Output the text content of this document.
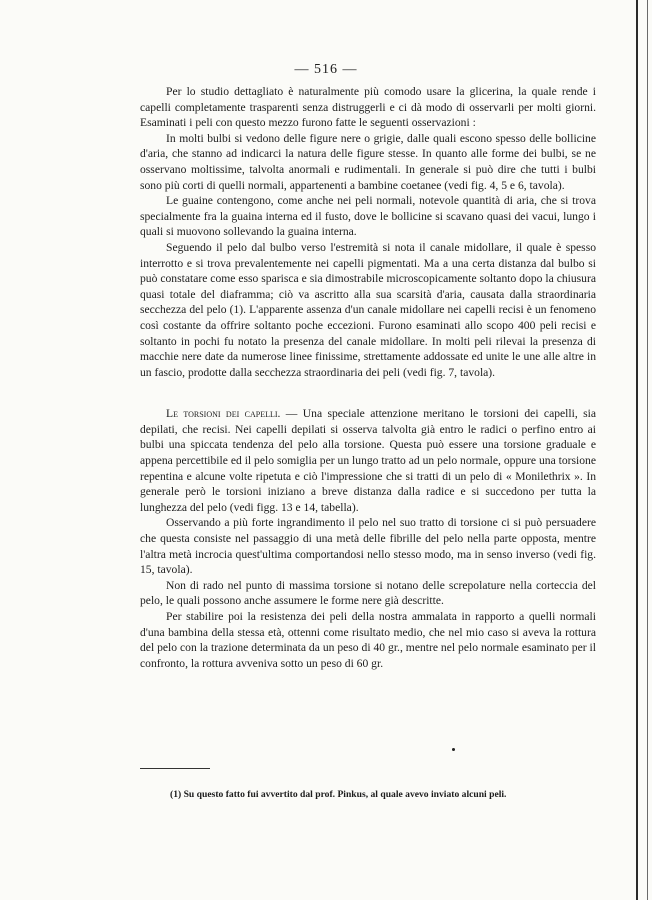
— 516 —

Per lo studio dettagliato è naturalmente più comodo usare la glicerina, la quale rende i capelli completamente trasparenti senza distruggerli e ci dà modo di osservarli per molti giorni. Esaminati i peli con questo mezzo furono fatte le seguenti osservazioni :

In molti bulbi si vedono delle figure nere o grigie, dalle quali escono spesso delle bollicine d'aria, che stanno ad indicarci la natura delle figure stesse. In quanto alle forme dei bulbi, se ne osservano moltissime, talvolta anormali e rudimentali. In generale si può dire che tutti i bulbi sono più corti di quelli normali, appartenenti a bambine coetanee (vedi fig. 4, 5 e 6, tavola).

Le guaine contengono, come anche nei peli normali, notevole quantità di aria, che si trova specialmente fra la guaina interna ed il fusto, dove le bollicine si scavano quasi dei vacui, lungo i quali si muovono sollevando la guaina interna.

Seguendo il pelo dal bulbo verso l'estremità si nota il canale midollare, il quale è spesso interrotto e si trova prevalentemente nei capelli pigmentati. Ma a una certa distanza dal bulbo si può constatare come esso sparisca e sia dimostrabile microscopicamente soltanto dopo la chiusura quasi totale del diaframma; ciò va ascritto alla sua scarsità d'aria, causata dalla straordinaria secchezza del pelo (1). L'apparente assenza d'un canale midollare nei capelli recisi è un fenomeno così costante da offrire soltanto poche eccezioni. Furono esaminati allo scopo 400 peli recisi e soltanto in pochi fu notato la presenza del canale midollare. In molti peli rilevai la presenza di macchie nere date da numerose linee finissime, strettamente addossate ed unite le une alle altre in un fascio, prodotte dalla secchezza straordinaria dei peli (vedi fig. 7, tavola).

Le torsioni dei capelli. — Una speciale attenzione meritano le torsioni dei capelli, sia depilati, che recisi. Nei capelli depilati si osserva talvolta già entro le radici o perfino entro ai bulbi una spiccata tendenza del pelo alla torsione. Questa può essere una torsione graduale e appena percettibile ed il pelo somiglia per un lungo tratto ad un pelo normale, oppure una torsione repentina e alcune volte ripetuta e ciò l'impressione che si tratti di un pelo di « Monilethrix ». In generale però le torsioni iniziano a breve distanza dalla radice e si succedono per tutta la lunghezza del pelo (vedi figg. 13 e 14, tabella).

Osservando a più forte ingrandimento il pelo nel suo tratto di torsione ci si può persuadere che questa consiste nel passaggio di una metà delle fibrille del pelo nella parte opposta, mentre l'altra metà incrocia quest'ultima comportandosi nello stesso modo, ma in senso inverso (vedi fig. 15, tavola).

Non di rado nel punto di massima torsione si notano delle screpolature nella corteccia del pelo, le quali possono anche assumere le forme nere già descritte.

Per stabilire poi la resistenza dei peli della nostra ammalata in rapporto a quelli normali d'una bambina della stessa età, ottenni come risultato medio, che nel mio caso si aveva la rottura del pelo con la trazione determinata da un peso di 40 gr., mentre nel pelo normale esaminato per il confronto, la rottura avveniva sotto un peso di 60 gr.

(1) Su questo fatto fui avvertito dal prof. Pinkus, al quale avevo inviato alcuni peli.
